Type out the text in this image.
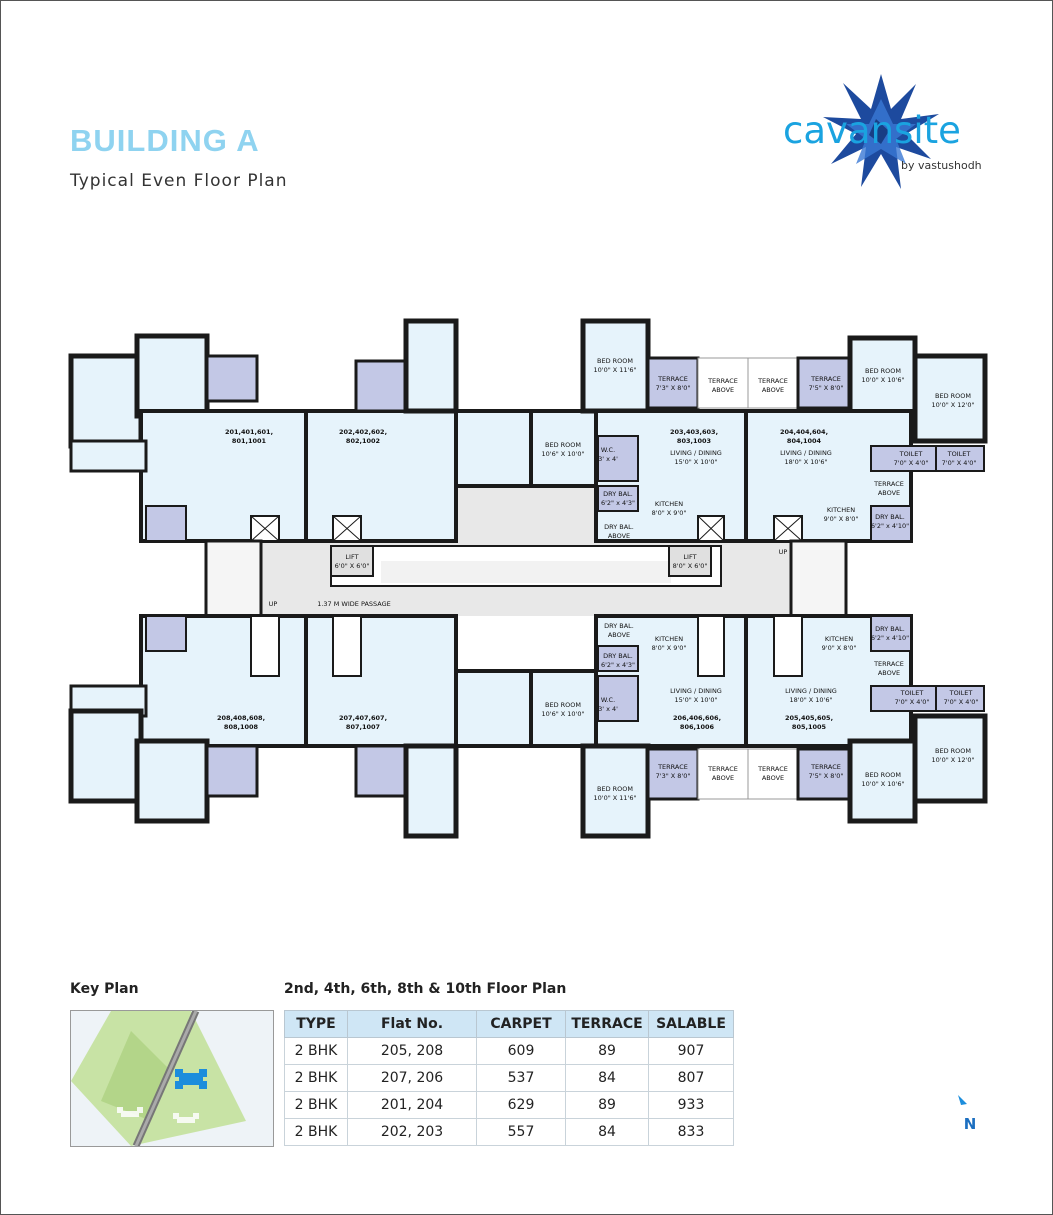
BUILDING A
Typical Even Floor Plan
cavansite
by vastushodh
1.37 M WIDE PASSAGE
LIFT
6'0" X 6'0"
LIFT
8'0" X 6'0"
UP
UP
201,401,601,
801,1001
202,402,602,
802,1002
203,403,603,
803,1003
204,404,604,
804,1004
208,408,608,
808,1008
207,407,607,
807,1007
206,406,606,
806,1006
205,405,605,
805,1005
BED ROOM
10'0" X 11'6"
TERRACE
7'3" X 8'0"
TERRACE
ABOVE
TERRACE
ABOVE
TERRACE
7'5" X 8'0"
BED ROOM
10'0" X 10'6"
BED ROOM
10'0" X 12'0"
BED ROOM
10'6" X 10'0"	LIVING / DINING
15'0" X 10'0"
LIVING / DINING
18'0" X 10'6"
KITCHEN
8'0" X 9'0"	KITCHEN
9'0" X 8'0"
TOILET
7'0" X 4'0"
TOILET
7'0" X 4'0"
DRY BAL.
6'2" x 4'3"
DRY BAL.
ABOVE
DRY BAL.
6'2" x 4'10"
TERRACE
ABOVE
W.C.
3' x 4'
BED ROOM
10'6" X 10'0"
BED ROOM
10'0" X 11'6"
TERRACE
7'3" X 8'0"
TERRACE
ABOVE
TERRACE
ABOVE
TERRACE
7'5" X 8'0"	BED ROOM
10'0" X 10'6"
BED ROOM
10'0" X 12'0"
LIVING / DINING
15'0" X 10'0"
LIVING / DINING
18'0" X 10'6"
KITCHEN
8'0" X 9'0"
KITCHEN
9'0" X 8'0"
TOILET
7'0" X 4'0"
TOILET
7'0" X 4'0"
DRY BAL.
ABOVE
DRY BAL.
6'2" x 4'3"
DRY BAL.
6'2" x 4'10"
TERRACE
ABOVE
W.C.
3' x 4'
Key Plan	2nd, 4th, 6th, 8th & 10th Floor Plan
TYPE	Flat No.	CARPET	TERRACE	SALABLE
2 BHK	205, 208	609	89	907
2 BHK	207, 206	537	84	807
2 BHK	201, 204	629	89	933
2 BHK	202, 203	557	84	833	N
